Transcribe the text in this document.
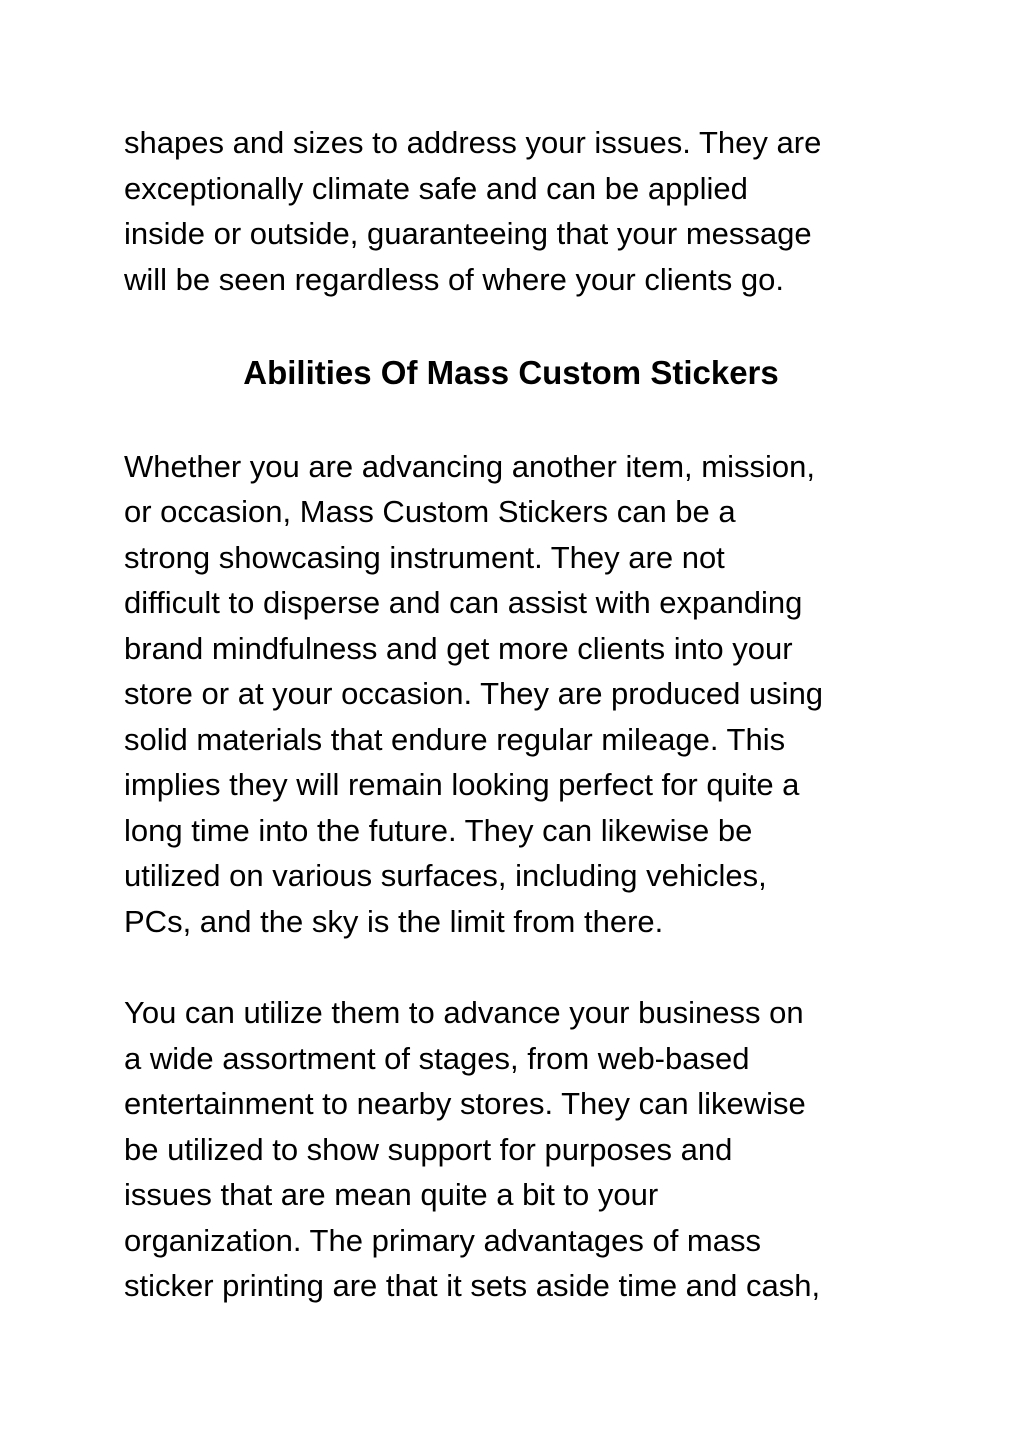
shapes and sizes to address your issues. They are
exceptionally climate safe and can be applied
inside or outside, guaranteeing that your message
will be seen regardless of where your clients go.

Abilities Of Mass Custom Stickers

Whether you are advancing another item, mission,
or occasion, Mass Custom Stickers can be a
strong showcasing instrument. They are not
difficult to disperse and can assist with expanding
brand mindfulness and get more clients into your
store or at your occasion. They are produced using
solid materials that endure regular mileage. This
implies they will remain looking perfect for quite a
long time into the future. They can likewise be
utilized on various surfaces, including vehicles,
PCs, and the sky is the limit from there.

You can utilize them to advance your business on
a wide assortment of stages, from web-based
entertainment to nearby stores. They can likewise
be utilized to show support for purposes and
issues that are mean quite a bit to your
organization. The primary advantages of mass
sticker printing are that it sets aside time and cash,
